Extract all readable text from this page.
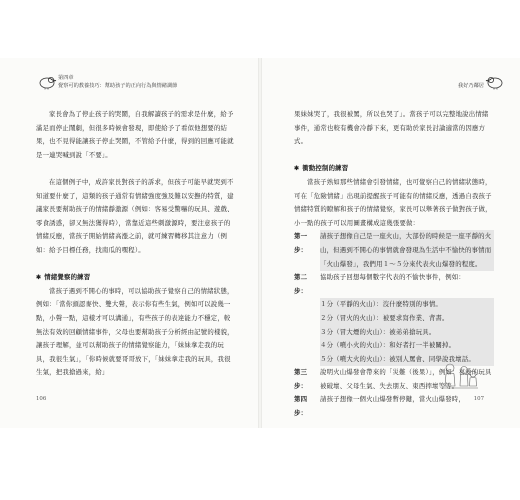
第四章
覺察可的教養技巧：幫助孩子的正向行為與情緒調節

家長會為了停止孩子的哭鬧，自我解讀孩子的需求是什麼，給予滿足而停止鬧劇，但很多時候會發現，即使給予了看似他想要的結果，也不見得能讓孩子停止哭鬧，不管給予什麼，得到的回應可能就是一連哭喊到說「不要」。

在這個例子中，成許家長對孩子的訴求，但孩子可能早就哭到不知道要什麼了，這類的孩子通常有情緒強度強及難以安撫的特質，建議家長要幫助孩子的情緒靜激源（例如：客易受驚嚇的玩具、遊戲、零食誘惑，卻又無法獲得時），當靠近這些刺激源時，要注意孩子的情緒反應，當孩子開始情緒高漲之前，就可練習轉移其注意力（例如：給予目標任務，找南瓜的嘿程）。

✱ 情緒覺察的練習

當孩子遇到不開心的事時，可以協助孩子覺察自己的情緒狀態，例如：「當你頭認麥快、雙大聲，表示你有些生氣，例如可以說幾一點，小聲一點，這樣才可以溝通」，有些孩子的表達能力不穩定，較無法有效的回顧情緒事件，父母也要幫助孩子分析經由記號的樣貌，讓孩子理解，並可以幫助孩子的情緒覺察能力，「妹妹拿走我的玩具，我很生氣」，「你時候就要哥哥放下，「妹妹拿走我的玩具，我很生氣，把我搶過來，給」

106
我好乃鄰居

果妹妹哭了，我很被罵，所以也哭了」。當孩子可以完整地說出情緒事件，通常也較有機會冷靜下來，更有助於家長討論適當的因應方式。

✱ 衝動控制的練習

當孩子熟如那些情緒會引發情緒，也可覺察自己的情緒狀態時，可在「危險情緒」出現前提醒孩子可能有的情緒反應，透過自我孩子情緒特質的瞭解和孩子的情緒覺察，家長可以舉著孩子做對孩子做，小一點的孩子可以用圖畫構成這幾張要做：

第一步：
請孩子想像自己是一座火山，大部份的時候是一座平靜的火山，但遇到不開心的事情就會發現為生活中不愉快的事情而「火山爆發」，我們用１～５分來代表火山爆發的程度。
第二步：
協助孩子回想每個數字代表的不愉快事件，例如：
１分（平靜的火山）：沒什麼特別的事情。
２分（冒火的火山）：被要求寫作業、背書。
３分（冒大煙的火山）：被弟弟搶玩具。
４分（噴小火的火山）：和好者打一半被關掉。
５分（噴大火的火山）：被別人罵會、同學說我壞話。
第三步：
說明火山爆發會帶來的「災難（後果）」，例如：喜愛的玩具被破壞、父母生氣、失去朋友、東西摔壞等等。
第四步：
請孩子想像一個火山爆發暫停鍵，當火山爆發時，	107
